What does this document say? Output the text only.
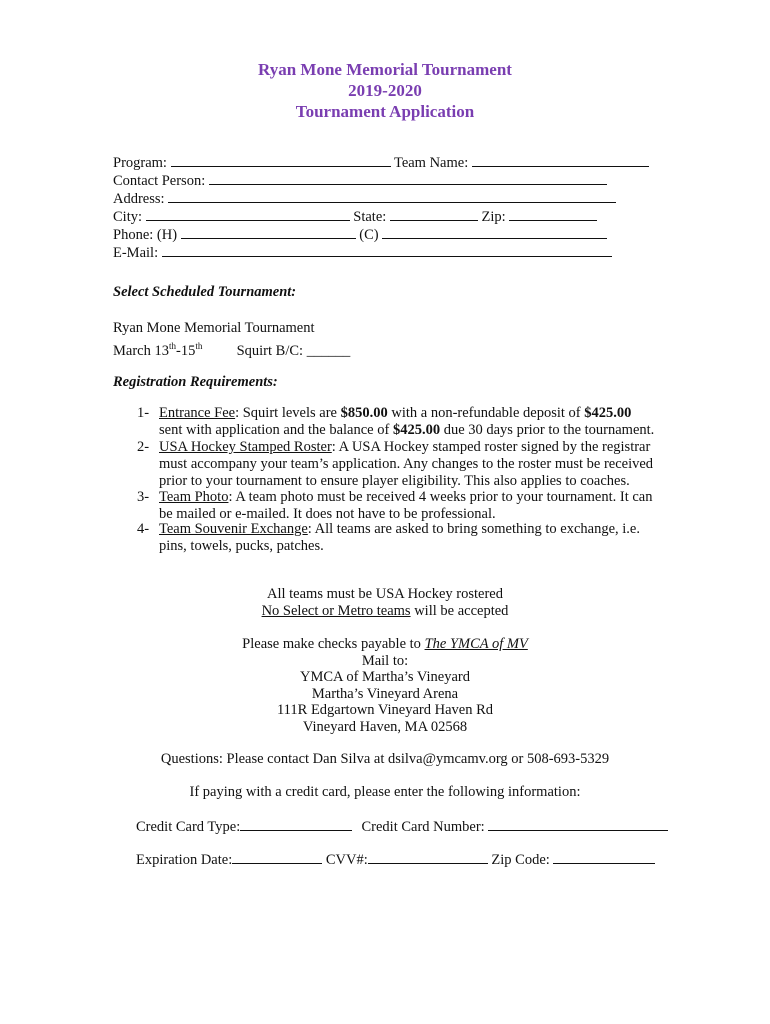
Ryan Mone Memorial Tournament
2019-2020
Tournament Application
Program:	Team Name:
Contact Person:
Address:
City:	State:	Zip:
Phone: (H)	(C)
E-Mail:
Select Scheduled Tournament:
Ryan Mone Memorial Tournament
March 13th-15th Squirt B/C: ______
Registration Requirements:
1- Entrance Fee: Squirt levels are $850.00 with a non-refundable deposit of $425.00 sent with application and the balance of $425.00 due 30 days prior to the tournament.
2- USA Hockey Stamped Roster: A USA Hockey stamped roster signed by the registrar must accompany your team’s application. Any changes to the roster must be received prior to your tournament to ensure player eligibility. This also applies to coaches.
3- Team Photo: A team photo must be received 4 weeks prior to your tournament. It can be mailed or e-mailed. It does not have to be professional.
4- Team Souvenir Exchange: All teams are asked to bring something to exchange, i.e. pins, towels, pucks, patches.
All teams must be USA Hockey rostered
No Select or Metro teams will be accepted
Please make checks payable to The YMCA of MV
Mail to:
YMCA of Martha’s Vineyard
Martha’s Vineyard Arena
111R Edgartown Vineyard Haven Rd
Vineyard Haven, MA 02568
Questions: Please contact Dan Silva at dsilva@ymcamv.org or 508-693-5329
If paying with a credit card, please enter the following information:
Credit Card Type:	Credit Card Number:
Expiration Date:	CVV#:	Zip Code:
